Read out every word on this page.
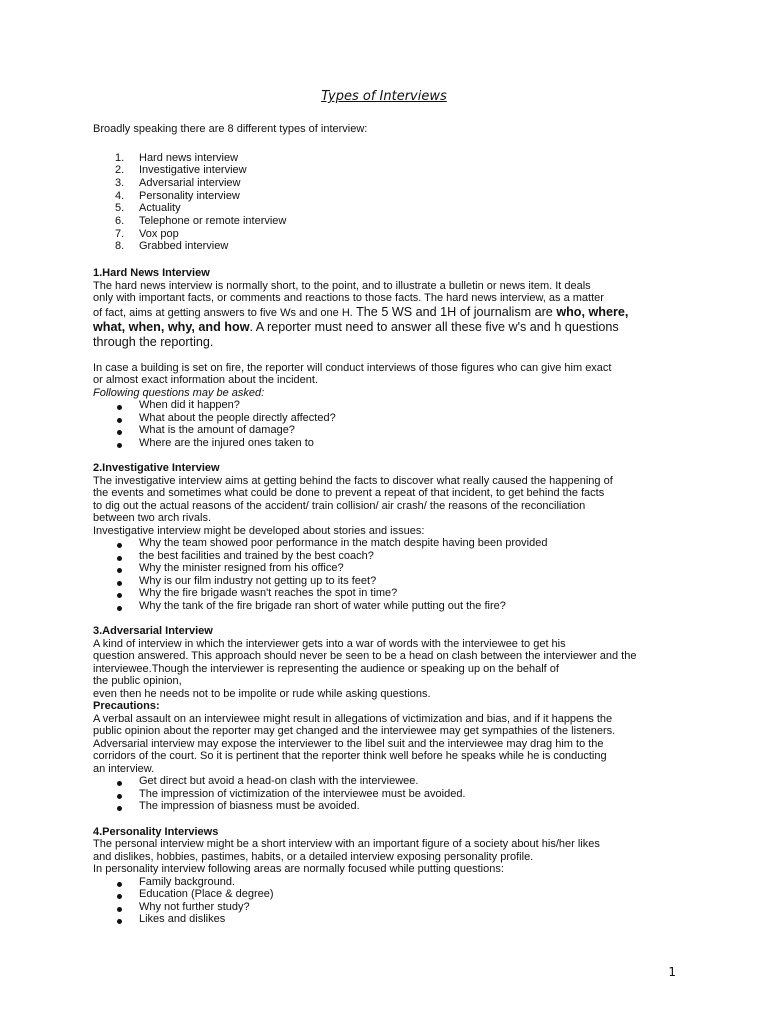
Types of Interviews

Broadly speaking there are 8 different types of interview:

1. Hard news interview
2. Investigative interview
3. Adversarial interview
4. Personality interview
5. Actuality
6. Telephone or remote interview
7. Vox pop
8. Grabbed interview

1.Hard News Interview

The hard news interview is normally short, to the point, and to illustrate a bulletin or news item. It deals

only with important facts, or comments and reactions to those facts. The hard news interview, as a matter

of fact, aims at getting answers to five Ws and one H. The 5 WS and 1H of journalism are who, where,

what, when, why, and how. A reporter must need to answer all these five w's and h questions

through the reporting.

In case a building is set on fire, the reporter will conduct interviews of those figures who can give him exact

or almost exact information about the incident.

Following questions may be asked:

When did it happen?
What about the people directly affected?
What is the amount of damage?
Where are the injured ones taken to

2.Investigative Interview

The investigative interview aims at getting behind the facts to discover what really caused the happening of

the events and sometimes what could be done to prevent a repeat of that incident, to get behind the facts

to dig out the actual reasons of the accident/ train collision/ air crash/ the reasons of the reconciliation

between two arch rivals.

Investigative interview might be developed about stories and issues:

Why the team showed poor performance in the match despite having been provided
the best facilities and trained by the best coach?
Why the minister resigned from his office?
Why is our film industry not getting up to its feet?
Why the fire brigade wasn't reaches the spot in time?
Why the tank of the fire brigade ran short of water while putting out the fire?

3.Adversarial Interview

A kind of interview in which the interviewer gets into a war of words with the interviewee to get his

question answered. This approach should never be seen to be a head on clash between the interviewer and the

interviewee.Though the interviewer is representing the audience or speaking up on the behalf of

the public opinion,

even then he needs not to be impolite or rude while asking questions.

Precautions:

A verbal assault on an interviewee might result in allegations of victimization and bias, and if it happens the

public opinion about the reporter may get changed and the interviewee may get sympathies of the listeners.

Adversarial interview may expose the interviewer to the libel suit and the interviewee may drag him to the

corridors of the court. So it is pertinent that the reporter think well before he speaks while he is conducting

an interview.

Get direct but avoid a head-on clash with the interviewee.
The impression of victimization of the interviewee must be avoided.
The impression of biasness must be avoided.

4.Personality Interviews

The personal interview might be a short interview with an important figure of a society about his/her likes

and dislikes, hobbies, pastimes, habits, or a detailed interview exposing personality profile.

In personality interview following areas are normally focused while putting questions:

Family background.
Education (Place & degree)
Why not further study?
Likes and dislikes
1
